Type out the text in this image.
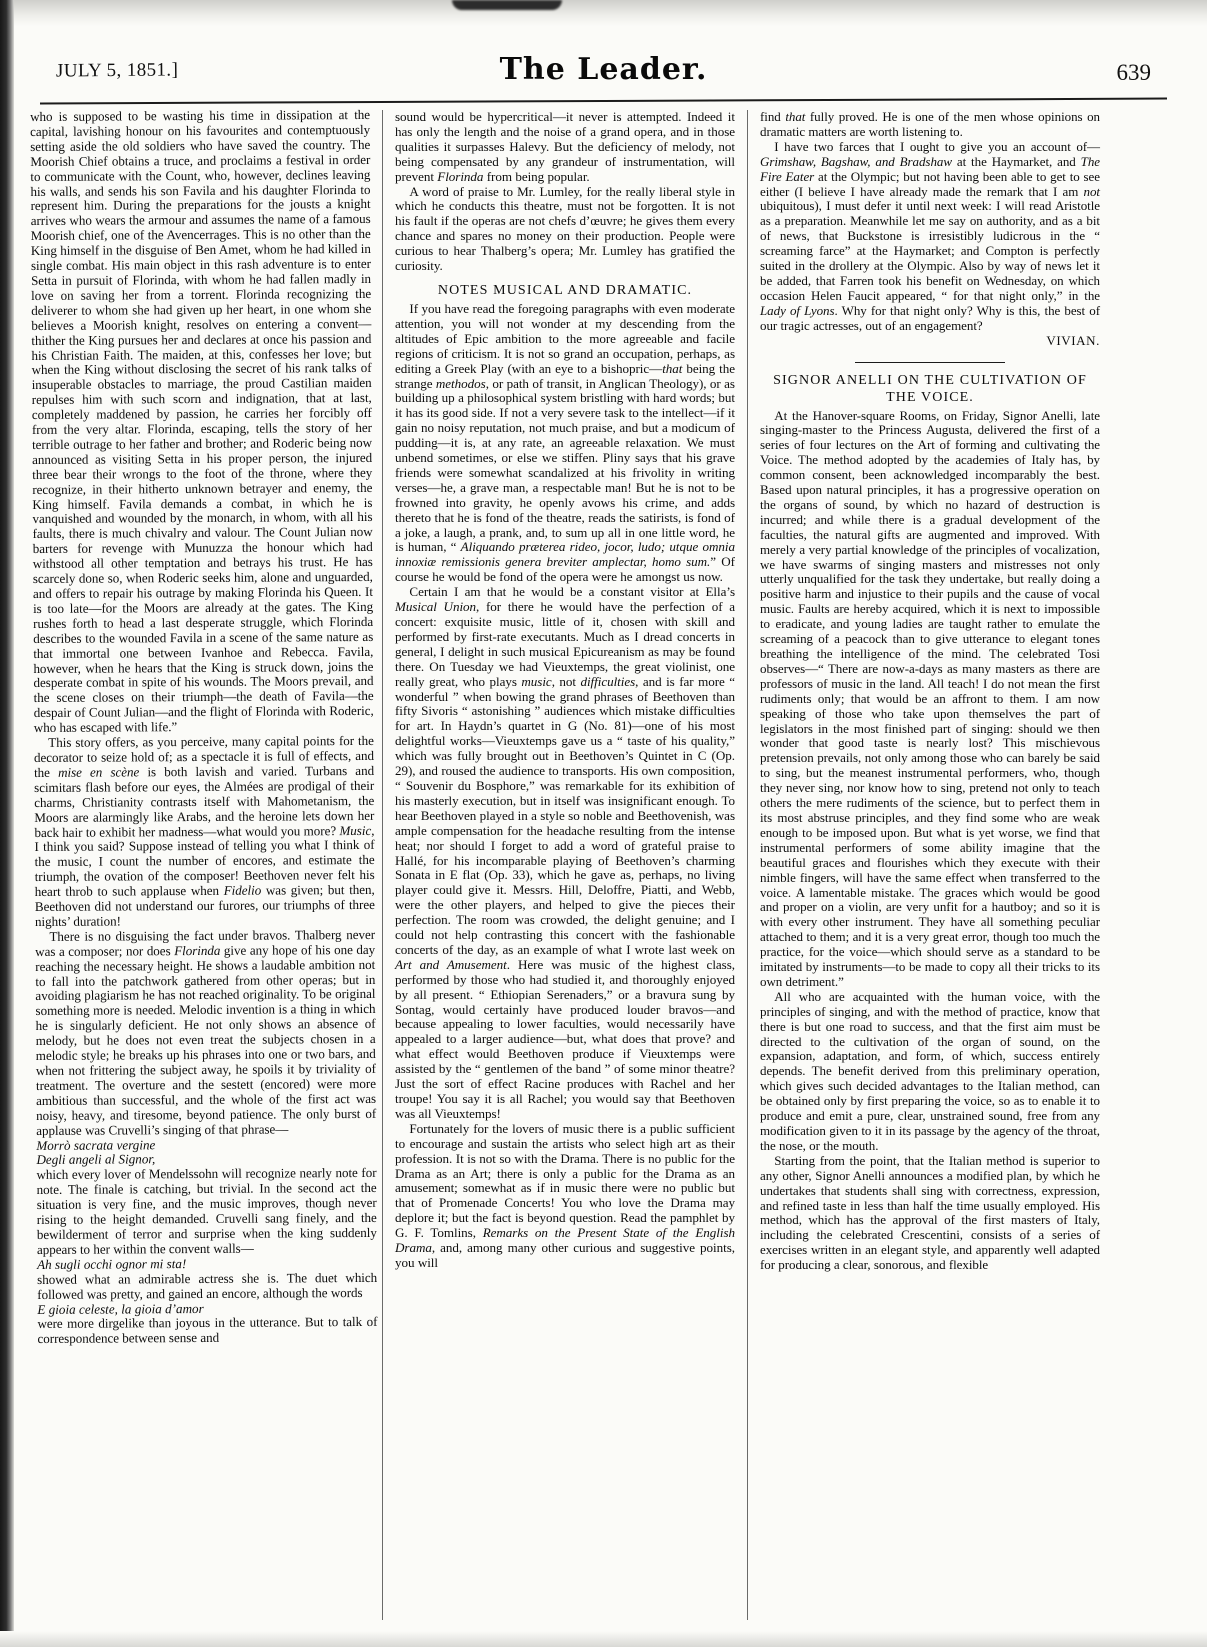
JULY 5, 1851.]	The Leader.	639

who is supposed to be wasting his time in dissipation at the capital, lavishing honour on his favourites and contemptuously setting aside the old soldiers who have saved the country. The Moorish Chief obtains a truce, and proclaims a festival in order to communicate with the Count, who, however, declines leaving his walls, and sends his son Favila and his daughter Florinda to represent him. During the preparations for the jousts a knight arrives who wears the armour and assumes the name of a famous Moorish chief, one of the Avencerrages. This is no other than the King himself in the disguise of Ben Amet, whom he had killed in single combat. His main object in this rash adventure is to enter Setta in pursuit of Florinda, with whom he had fallen madly in love on saving her from a torrent. Florinda recognizing the deliverer to whom she had given up her heart, in one whom she believes a Moorish knight, resolves on entering a convent—thither the King pursues her and declares at once his passion and his Christian Faith. The maiden, at this, confesses her love; but when the King without disclosing the secret of his rank talks of insuperable obstacles to marriage, the proud Castilian maiden repulses him with such scorn and indignation, that at last, completely maddened by passion, he carries her forcibly off from the very altar. Florinda, escaping, tells the story of her terrible outrage to her father and brother; and Roderic being now announced as visiting Setta in his proper person, the injured three bear their wrongs to the foot of the throne, where they recognize, in their hitherto unknown betrayer and enemy, the King himself. Favila demands a combat, in which he is vanquished and wounded by the monarch, in whom, with all his faults, there is much chivalry and valour. The Count Julian now barters for revenge with Munuzza the honour which had withstood all other temptation and betrays his trust. He has scarcely done so, when Roderic seeks him, alone and unguarded, and offers to repair his outrage by making Florinda his Queen. It is too late—for the Moors are already at the gates. The King rushes forth to head a last desperate struggle, which Florinda describes to the wounded Favila in a scene of the same nature as that immortal one between Ivanhoe and Rebecca. Favila, however, when he hears that the King is struck down, joins the desperate combat in spite of his wounds. The Moors prevail, and the scene closes on their triumph—the death of Favila—the despair of Count Julian—and the flight of Florinda with Roderic, who has escaped with life.”

This story offers, as you perceive, many capital points for the decorator to seize hold of; as a spectacle it is full of effects, and the mise en scène is both lavish and varied. Turbans and scimitars flash before our eyes, the Almées are prodigal of their charms, Christianity contrasts itself with Mahometanism, the Moors are alarmingly like Arabs, and the heroine lets down her back hair to exhibit her madness—what would you more? Music, I think you said? Suppose instead of telling you what I think of the music, I count the number of encores, and estimate the triumph, the ovation of the composer! Beethoven never felt his heart throb to such applause when Fidelio was given; but then, Beethoven did not understand our furores, our triumphs of three nights’ duration!

There is no disguising the fact under bravos. Thalberg never was a composer; nor does Florinda give any hope of his one day reaching the necessary height. He shows a laudable ambition not to fall into the patchwork gathered from other operas; but in avoiding plagiarism he has not reached originality. To be original something more is needed. Melodic invention is a thing in which he is singularly deficient. He not only shows an absence of melody, but he does not even treat the subjects chosen in a melodic style; he breaks up his phrases into one or two bars, and when not frittering the subject away, he spoils it by triviality of treatment. The overture and the sestett (encored) were more ambitious than successful, and the whole of the first act was noisy, heavy, and tiresome, beyond patience. The only burst of applause was Cruvelli’s singing of that phrase—

Morrò sacrata vergine
Degli angeli al Signor,

which every lover of Mendelssohn will recognize nearly note for note. The finale is catching, but trivial. In the second act the situation is very fine, and the music improves, though never rising to the height demanded. Cruvelli sang finely, and the bewilderment of terror and surprise when the king suddenly appears to her within the convent walls—

Ah sugli occhi ognor mi sta!

showed what an admirable actress she is. The duet which followed was pretty, and gained an encore, although the words

E gioia celeste, la gioia d’amor

were more dirgelike than joyous in the utterance. But to talk of correspondence between sense and

sound would be hypercritical—it never is attempted. Indeed it has only the length and the noise of a grand opera, and in those qualities it surpasses Halevy. But the deficiency of melody, not being compensated by any grandeur of instrumentation, will prevent Florinda from being popular.

A word of praise to Mr. Lumley, for the really liberal style in which he conducts this theatre, must not be forgotten. It is not his fault if the operas are not chefs d’œuvre; he gives them every chance and spares no money on their production. People were curious to hear Thalberg’s opera; Mr. Lumley has gratified the curiosity.

NOTES MUSICAL AND DRAMATIC.

If you have read the foregoing paragraphs with even moderate attention, you will not wonder at my descending from the altitudes of Epic ambition to the more agreeable and facile regions of criticism. It is not so grand an occupation, perhaps, as editing a Greek Play (with an eye to a bishopric—that being the strange methodos, or path of transit, in Anglican Theology), or as building up a philosophical system bristling with hard words; but it has its good side. If not a very severe task to the intellect—if it gain no noisy reputation, not much praise, and but a modicum of pudding—it is, at any rate, an agreeable relaxation. We must unbend sometimes, or else we stiffen. Pliny says that his grave friends were somewhat scandalized at his frivolity in writing verses—he, a grave man, a respectable man! But he is not to be frowned into gravity, he openly avows his crime, and adds thereto that he is fond of the theatre, reads the satirists, is fond of a joke, a laugh, a prank, and, to sum up all in one little word, he is human, “ Aliquando præterea rideo, jocor, ludo; utque omnia innoxiæ remissionis genera breviter amplectar, homo sum.” Of course he would be fond of the opera were he amongst us now.

Certain I am that he would be a constant visitor at Ella’s Musical Union, for there he would have the perfection of a concert: exquisite music, little of it, chosen with skill and performed by first-rate executants. Much as I dread concerts in general, I delight in such musical Epicureanism as may be found there. On Tuesday we had Vieuxtemps, the great violinist, one really great, who plays music, not difficulties, and is far more “ wonderful ” when bowing the grand phrases of Beethoven than fifty Sivoris “ astonishing ” audiences which mistake difficulties for art. In Haydn’s quartet in G (No. 81)—one of his most delightful works—Vieuxtemps gave us a “ taste of his quality,” which was fully brought out in Beethoven’s Quintet in C (Op. 29), and roused the audience to transports. His own composition, “ Souvenir du Bosphore,” was remarkable for its exhibition of his masterly execution, but in itself was insignificant enough. To hear Beethoven played in a style so noble and Beethovenish, was ample compensation for the headache resulting from the intense heat; nor should I forget to add a word of grateful praise to Hallé, for his incomparable playing of Beethoven’s charming Sonata in E flat (Op. 33), which he gave as, perhaps, no living player could give it. Messrs. Hill, Deloffre, Piatti, and Webb, were the other players, and helped to give the pieces their perfection. The room was crowded, the delight genuine; and I could not help contrasting this concert with the fashionable concerts of the day, as an example of what I wrote last week on Art and Amusement. Here was music of the highest class, performed by those who had studied it, and thoroughly enjoyed by all present. “ Ethiopian Serenaders,” or a bravura sung by Sontag, would certainly have produced louder bravos—and because appealing to lower faculties, would necessarily have appealed to a larger audience—but, what does that prove? and what effect would Beethoven produce if Vieuxtemps were assisted by the “ gentlemen of the band ” of some minor theatre? Just the sort of effect Racine produces with Rachel and her troupe! You say it is all Rachel; you would say that Beethoven was all Vieuxtemps!

Fortunately for the lovers of music there is a public sufficient to encourage and sustain the artists who select high art as their profession. It is not so with the Drama. There is no public for the Drama as an Art; there is only a public for the Drama as an amusement; somewhat as if in music there were no public but that of Promenade Concerts! You who love the Drama may deplore it; but the fact is beyond question. Read the pamphlet by G. F. Tomlins, Remarks on the Present State of the English Drama, and, among many other curious and suggestive points, you will

find that fully proved. He is one of the men whose opinions on dramatic matters are worth listening to.

I have two farces that I ought to give you an account of—Grimshaw, Bagshaw, and Bradshaw at the Haymarket, and The Fire Eater at the Olympic; but not having been able to get to see either (I believe I have already made the remark that I am not ubiquitous), I must defer it until next week: I will read Aristotle as a preparation. Meanwhile let me say on authority, and as a bit of news, that Buckstone is irresistibly ludicrous in the “ screaming farce” at the Haymarket; and Compton is perfectly suited in the drollery at the Olympic. Also by way of news let it be added, that Farren took his benefit on Wednesday, on which occasion Helen Faucit appeared, “ for that night only,” in the Lady of Lyons. Why for that night only? Why is this, the best of our tragic actresses, out of an engagement?

VIVIAN.

SIGNOR ANELLI ON THE CULTIVATION OF THE VOICE.

At the Hanover-square Rooms, on Friday, Signor Anelli, late singing-master to the Princess Augusta, delivered the first of a series of four lectures on the Art of forming and cultivating the Voice. The method adopted by the academies of Italy has, by common consent, been acknowledged incomparably the best. Based upon natural principles, it has a progressive operation on the organs of sound, by which no hazard of destruction is incurred; and while there is a gradual development of the faculties, the natural gifts are augmented and improved. With merely a very partial knowledge of the principles of vocalization, we have swarms of singing masters and mistresses not only utterly unqualified for the task they undertake, but really doing a positive harm and injustice to their pupils and the cause of vocal music. Faults are hereby acquired, which it is next to impossible to eradicate, and young ladies are taught rather to emulate the screaming of a peacock than to give utterance to elegant tones breathing the intelligence of the mind. The celebrated Tosi observes—“ There are now-a-days as many masters as there are professors of music in the land. All teach! I do not mean the first rudiments only; that would be an affront to them. I am now speaking of those who take upon themselves the part of legislators in the most finished part of singing: should we then wonder that good taste is nearly lost? This mischievous pretension prevails, not only among those who can barely be said to sing, but the meanest instrumental performers, who, though they never sing, nor know how to sing, pretend not only to teach others the mere rudiments of the science, but to perfect them in its most abstruse principles, and they find some who are weak enough to be imposed upon. But what is yet worse, we find that instrumental performers of some ability imagine that the beautiful graces and flourishes which they execute with their nimble fingers, will have the same effect when transferred to the voice. A lamentable mistake. The graces which would be good and proper on a violin, are very unfit for a hautboy; and so it is with every other instrument. They have all something peculiar attached to them; and it is a very great error, though too much the practice, for the voice—which should serve as a standard to be imitated by instruments—to be made to copy all their tricks to its own detriment.”

All who are acquainted with the human voice, with the principles of singing, and with the method of practice, know that there is but one road to success, and that the first aim must be directed to the cultivation of the organ of sound, on the expansion, adaptation, and form, of which, success entirely depends. The benefit derived from this preliminary operation, which gives such decided advantages to the Italian method, can be obtained only by first preparing the voice, so as to enable it to produce and emit a pure, clear, unstrained sound, free from any modification given to it in its passage by the agency of the throat, the nose, or the mouth.

Starting from the point, that the Italian method is superior to any other, Signor Anelli announces a modified plan, by which he undertakes that students shall sing with correctness, expression, and refined taste in less than half the time usually employed. His method, which has the approval of the first masters of Italy, including the celebrated Crescentini, consists of a series of exercises written in an elegant style, and apparently well adapted for producing a clear, sonorous, and flexible
